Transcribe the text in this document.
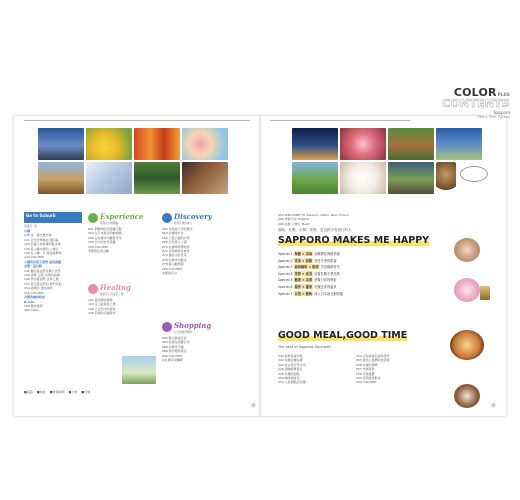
Go to Suburb
周邊遊一點
小樽
128 步一樣式歷史地
131 北方的華爾街 運河區
134 浪漫天使故事的散步道
136 從小樽出發的 小旅行
138 在小樽一日 遊程推薦地
140 COLUMN
小樽的洋菓子派對 尋找甜點
美瑛・富良野
142 關於富良野美瑛大自然
146 美瑛‧丘陵 四季的彩繪
148 拜訪富良野 花海之旅
152 遊走富良野的 熱門景點
154 美瑛的 當地美味
156 COLUMN
美瑛的咖啡時光
B-side
158 旅遊資訊
162 Index
Experience
親身在札幌體驗
092 與動物的近距離互動
094 在日本最北的動物園
096 在札幌市內觀賞雪景
098 北方的自然景觀
100 COLUMN
季節限定的活動
Healing
療癒身心的溫泉之旅
102 溫泉鄉的療癒
104 定山溪溫泉之旅
106 大自然中的溫泉
108 泡湯的幸福時光
Discovery
發現札幌的魅力
062 北海道大學的歷史
064 札幌時計台
066 大通公園的四季
068 白色戀人公園
070 札幌啤酒博物館
072 北海道神宮參拜
074 藻岩山的夜景
076 札幌市內散步
078 圓山動物園
080 COLUMN
北國的花卉
Shopping
在札幌盡情購物
082 狸小路商店街
084 札幌站周邊百貨
086 札幌伴手禮
088 超市便利商店
090 COLUMN
在札幌享受購物
■電話 ■地址 ■營業時間 ■公休 ■交通
✳
004 WELCOME TO Sapporo, Otaru, Biei, Furano
006 季節介紹 TOPICS
008 札幌 小旅行 PLAN
咖啡、札幌、小樽、美瑛，富良野享受旅行的人
SAPPORO MAKES ME HAPPY
Special 1 海鮮 × 美味 品嚐豐富海鮮料理
Special 2 雪景 × 甜點 感受冬季的甜蜜
Special 3 森林咖啡 × 秘境 享受咖啡時光
Special 4 雪祭 × 夜景 欣賞札幌冬季美景
Special 5 藝術 × 美瑛 遊覽日常的藝術
Special 6 湯泉 × 溫泉 札幌近郊的溫泉
Special 7 自然 × 動物 深入日本最北動物園
GOOD MEAL,GOOD TIME
The best of Sapporo Gourmet!
040 新鮮海產料理
042 札幌拉麵巡禮
044 成吉思汗烤羊肉
046 湯咖哩專賣店
048 札幌的甜點
050 咖啡館時光
052 人氣甜點店巡禮
054 北海道產的美味食材
055 當地人推薦的居酒屋
056 札幌的酒吧
057 市場美食
058 早餐推薦
059 夜間美食散步
060 COLUMN
✳
COLORPLUS
CONTENTS
Sapporo
Otaru, Biei, Furano
